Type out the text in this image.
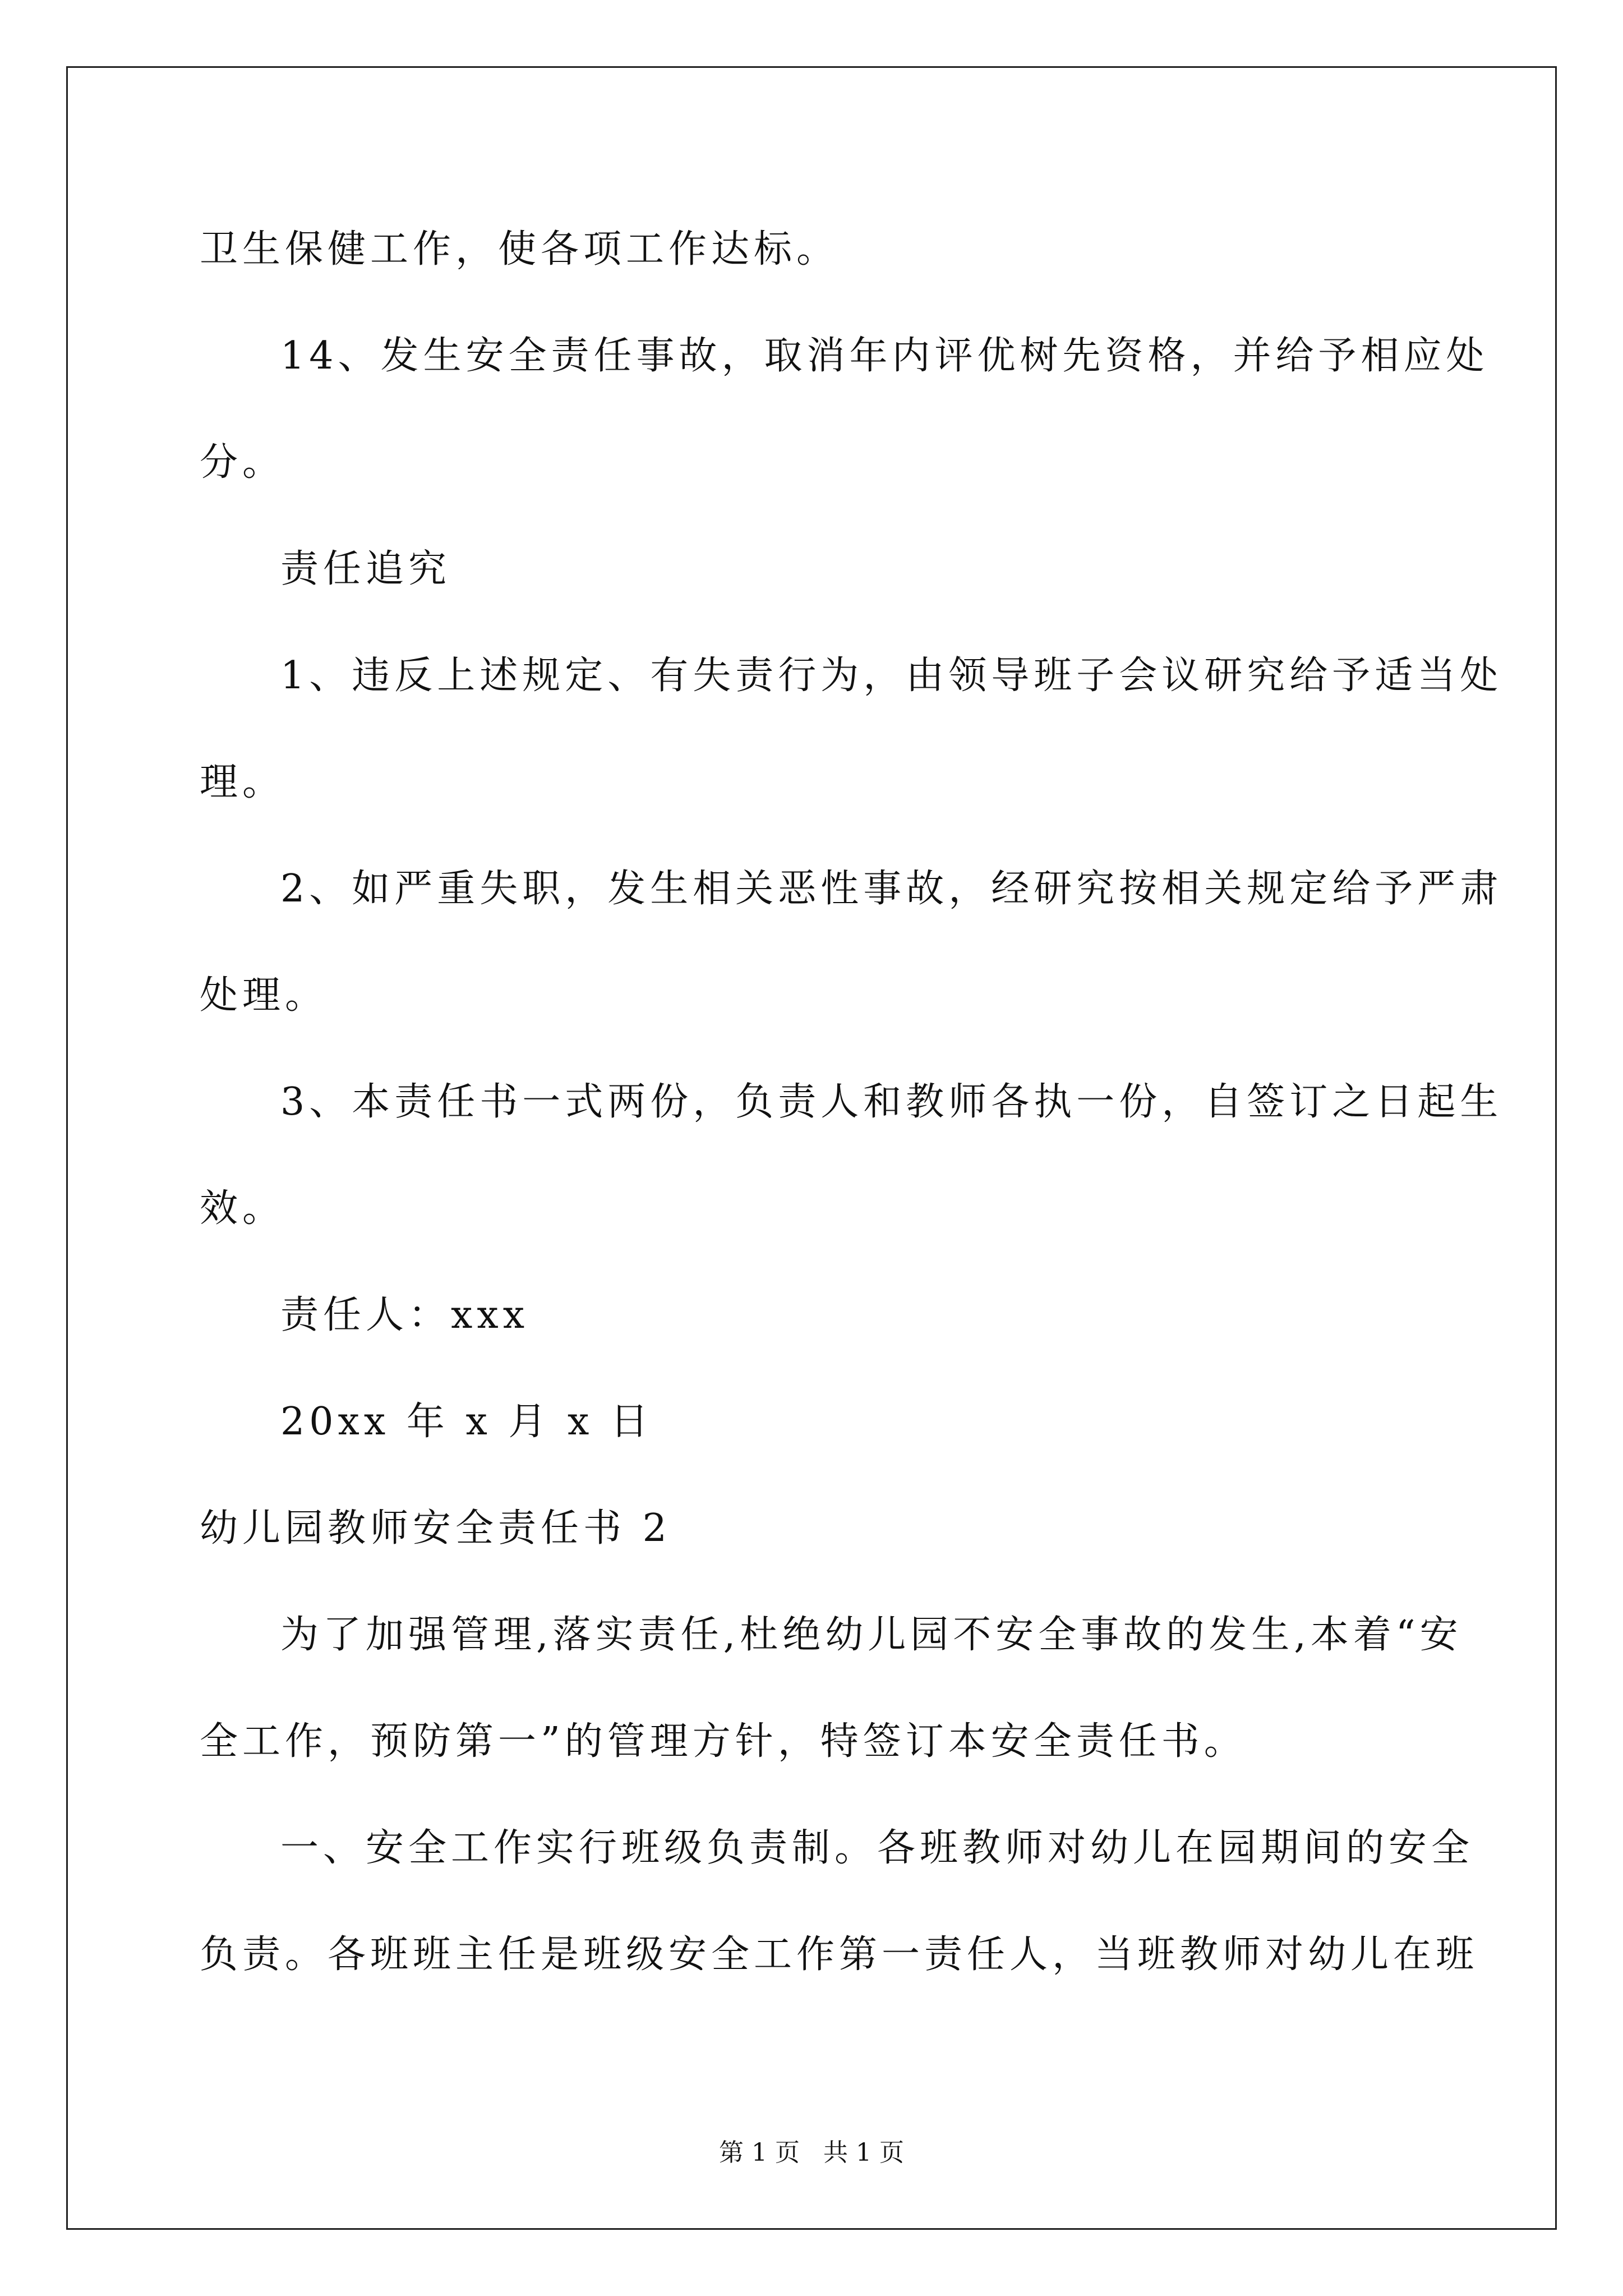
卫生保健工作，使各项工作达标。
14、发生安全责任事故，取消年内评优树先资格，并给予相应处
分。
责任追究
1、违反上述规定、有失责行为，由领导班子会议研究给予适当处
理。
2、如严重失职，发生相关恶性事故，经研究按相关规定给予严肃
处理。
3、本责任书一式两份，负责人和教师各执一份，自签订之日起生
效。
责任人：xxx
20xx 年 x 月 x 日
幼儿园教师安全责任书 2
为了加强管理,落实责任,杜绝幼儿园不安全事故的发生,本着“安
全工作，预防第一”的管理方针，特签订本安全责任书。
一、安全工作实行班级负责制。各班教师对幼儿在园期间的安全
负责。各班班主任是班级安全工作第一责任人，当班教师对幼儿在班
第 1 页   共 1 页
